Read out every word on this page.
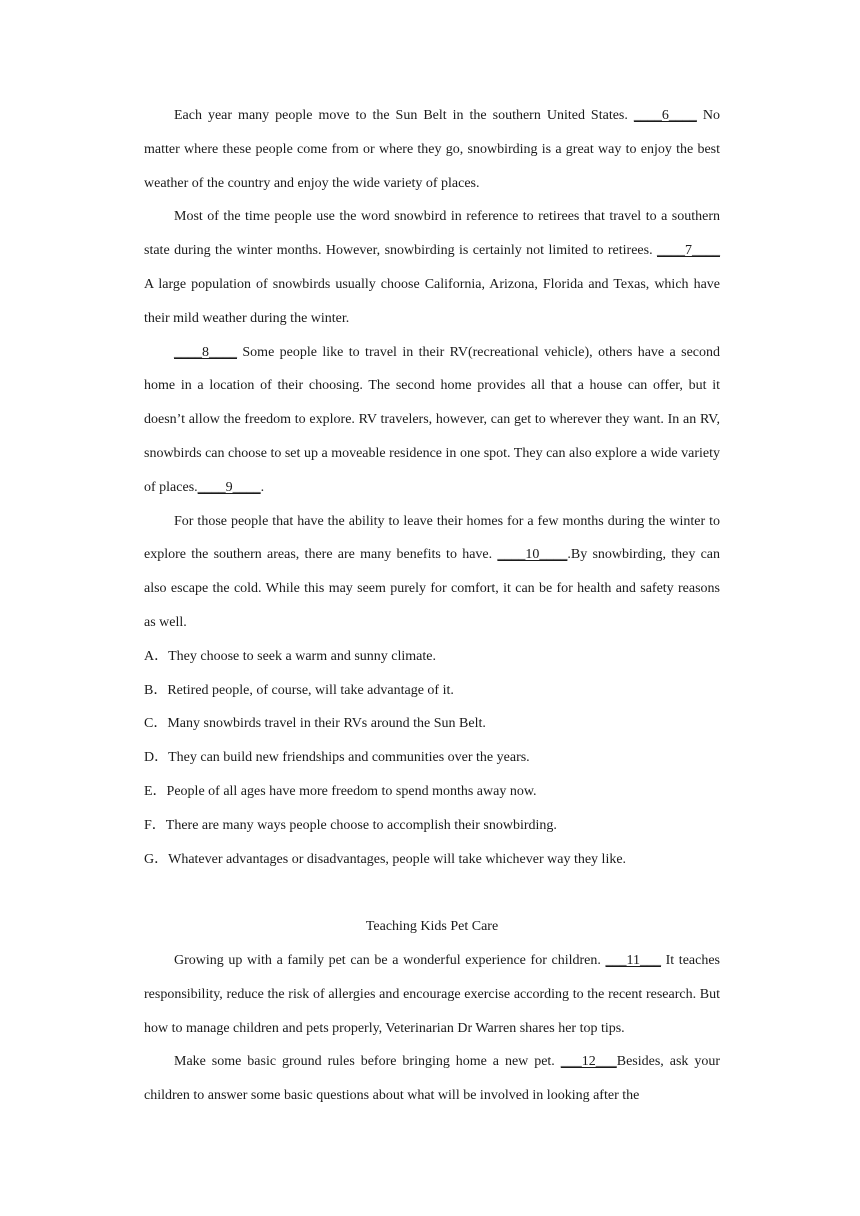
Each year many people move to the Sun Belt in the southern United States. ____6____ No matter where these people come from or where they go, snowbirding is a great way to enjoy the best weather of the country and enjoy the wide variety of places.

Most of the time people use the word snowbird in reference to retirees that travel to a southern state during the winter months. However, snowbirding is certainly not limited to retirees. ____7____ A large population of snowbirds usually choose California, Arizona, Florida and Texas, which have their mild weather during the winter.

____8____ Some people like to travel in their RV(recreational vehicle), others have a second home in a location of their choosing. The second home provides all that a house can offer, but it doesn’t allow the freedom to explore. RV travelers, however, can get to wherever they want. In an RV, snowbirds can choose to set up a moveable residence in one spot. They can also explore a wide variety of places.____9____.

For those people that have the ability to leave their homes for a few months during the winter to explore the southern areas, there are many benefits to have. ____10____.By snowbirding, they can also escape the cold. While this may seem purely for comfort, it can be for health and safety reasons as well.

A．They choose to seek a warm and sunny climate.

B．Retired people, of course, will take advantage of it.

C．Many snowbirds travel in their RVs around the Sun Belt.

D．They can build new friendships and communities over the years.

E．People of all ages have more freedom to spend months away now.

F．There are many ways people choose to accomplish their snowbirding.

G．Whatever advantages or disadvantages, people will take whichever way they like.

Teaching Kids Pet Care

Growing up with a family pet can be a wonderful experience for children. ___11___ It teaches responsibility, reduce the risk of allergies and encourage exercise according to the recent research. But how to manage children and pets properly, Veterinarian Dr Warren shares her top tips.

Make some basic ground rules before bringing home a new pet. ___12___Besides, ask your children to answer some basic questions about what will be involved in looking after the
